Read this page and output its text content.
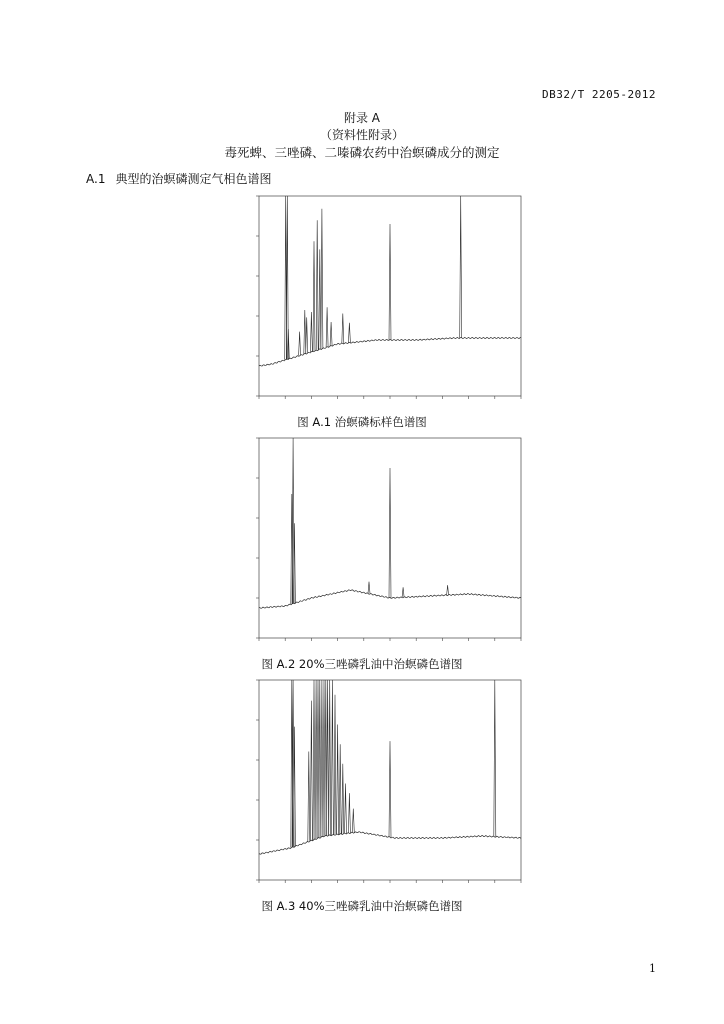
DB32/T 2205-2012
附录 A
（资料性附录）
毒死蜱、三唑磷、二嗪磷农药中治螟磷成分的测定
A.1 典型的治螟磷测定气相色谱图
图 A.1 治螟磷标样色谱图
图 A.2 20%三唑磷乳油中治螟磷色谱图
图 A.3 40%三唑磷乳油中治螟磷色谱图
1
